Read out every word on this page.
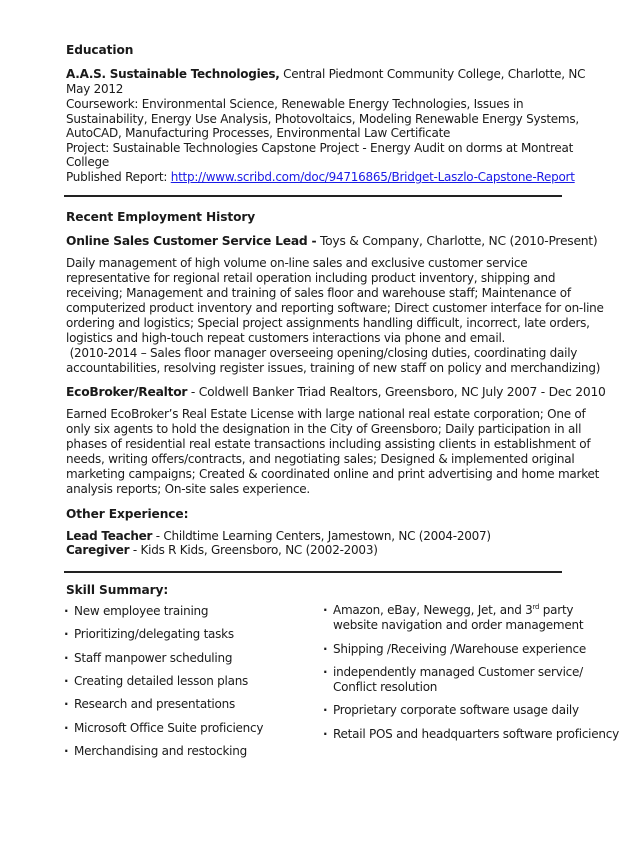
Education
A.A.S. Sustainable Technologies, Central Piedmont Community College, Charlotte, NC
May 2012
Coursework: Environmental Science, Renewable Energy Technologies, Issues in
Sustainability, Energy Use Analysis, Photovoltaics, Modeling Renewable Energy Systems,
AutoCAD, Manufacturing Processes, Environmental Law Certificate
Project: Sustainable Technologies Capstone Project - Energy Audit on dorms at Montreat
College
Published Report: http://www.scribd.com/doc/94716865/Bridget-Laszlo-Capstone-Report
Recent Employment History
Online Sales Customer Service Lead - Toys & Company, Charlotte, NC (2010-Present)
Daily management of high volume on-line sales and exclusive customer service
representative for regional retail operation including product inventory, shipping and
receiving; Management and training of sales floor and warehouse staff; Maintenance of
computerized product inventory and reporting software; Direct customer interface for on-line
ordering and logistics; Special project assignments handling difficult, incorrect, late orders,
logistics and high-touch repeat customers interactions via phone and email.
(2010-2014 – Sales floor manager overseeing opening/closing duties, coordinating daily
accountabilities, resolving register issues, training of new staff on policy and merchandizing)
EcoBroker/Realtor - Coldwell Banker Triad Realtors, Greensboro, NC July 2007 - Dec 2010
Earned EcoBroker’s Real Estate License with large national real estate corporation; One of
only six agents to hold the designation in the City of Greensboro; Daily participation in all
phases of residential real estate transactions including assisting clients in establishment of
needs, writing offers/contracts, and negotiating sales; Designed & implemented original
marketing campaigns; Created & coordinated online and print advertising and home market
analysis reports; On-site sales experience.
Other Experience:
Lead Teacher - Childtime Learning Centers, Jamestown, NC (2004-2007)
Caregiver - Kids R Kids, Greensboro, NC (2002-2003)
Skill Summary:
· New employee training
· Prioritizing/delegating tasks
· Staff manpower scheduling
· Creating detailed lesson plans
· Research and presentations
· Microsoft Office Suite proficiency
· Merchandising and restocking
· Amazon, eBay, Newegg, Jet, and 3rd party
website navigation and order management
· Shipping /Receiving /Warehouse experience
· independently managed Customer service/
Conflict resolution
· Proprietary corporate software usage daily
· Retail POS and headquarters software proficiency
